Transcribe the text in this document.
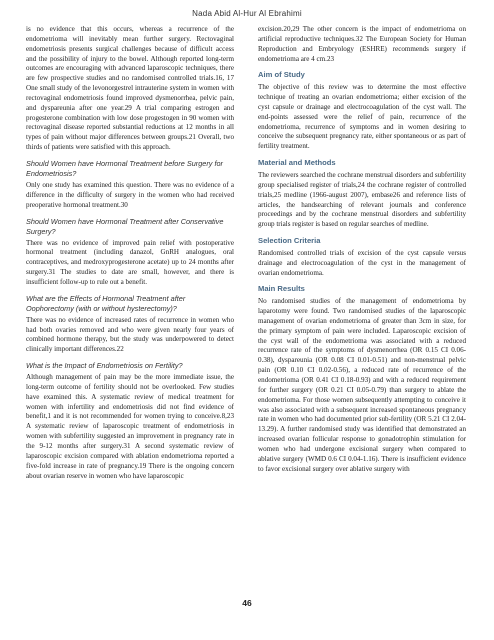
Nada Abid Al-Hur Al Ebrahimi

is no evidence that this occurs, whereas a recurrence of the endometrioma will inevitably mean further surgery. Rectovaginal endometriosis presents surgical challenges because of difficult access and the possibility of injury to the bowel. Although reported long-term outcomes are encouraging with advanced laparoscopic techniques, there are few prospective studies and no randomised controlled trials.16, 17 One small study of the levonorgestrel intrauterine system in women with rectovaginal endometriosis found improved dysmenorrhea, pelvic pain, and dyspareunia after one year.29 A trial comparing estrogen and progesterone combination with low dose progestogen in 90 women with rectovaginal disease reported substantial reductions at 12 months in all types of pain without major differences between groups.21 Overall, two thirds of patients were satisfied with this approach.

Should Women have Hormonal Treatment before Surgery for Endometriosis?

Only one study has examined this question. There was no evidence of a difference in the difficulty of surgery in the women who had received preoperative hormonal treatment.30

Should Women have Hormonal Treatment after Conservative Surgery?

There was no evidence of improved pain relief with postoperative hormonal treatment (including danazol, GnRH analogues, oral contraceptives, and medroxyprogesterone acetate) up to 24 months after surgery.31 The studies to date are small, however, and there is insufficient follow-up to rule out a benefit.

What are the Effects of Hormonal Treatment after Oophorectomy (with or without hysterectomy)?

There was no evidence of increased rates of recurrence in women who had both ovaries removed and who were given nearly four years of combined hormone therapy, but the study was underpowered to detect clinically important differences.22

What is the Impact of Endometriosis on Fertility?

Although management of pain may be the more immediate issue, the long-term outcome of fertility should not be overlooked. Few studies have examined this. A systematic review of medical treatment for women with infertility and endometriosis did not find evidence of benefit,1 and it is not recommended for women trying to conceive.8,23 A systematic review of laparoscopic treatment of endometriosis in women with subfertility suggested an improvement in pregnancy rate in the 9-12 months after surgery.31 A second systematic review of laparoscopic excision compared with ablation endometrioma reported a five-fold increase in rate of pregnancy.19 There is the ongoing concern about ovarian reserve in women who have laparoscopic

excision.20,29 The other concern is the impact of endometrioma on artificial reproductive techniques.32 The European Society for Human Reproduction and Embryology (ESHRE) recommends surgery if endometrioma are 4 cm.23

Aim of Study

The objective of this review was to determine the most effective technique of treating an ovarian endometrioma; either excision of the cyst capsule or drainage and electrocoagulation of the cyst wall. The end-points assessed were the relief of pain, recurrence of the endometrioma, recurrence of symptoms and in women desiring to conceive the subsequent pregnancy rate, either spontaneous or as part of fertility treatment.

Material and Methods

The reviewers searched the cochrane menstrual disorders and subfertility group specialised register of trials,24 the cochrane register of controlled trials,25 medline (1966-august 2007), embase26 and reference lists of articles, the handsearching of relevant journals and conference proceedings and by the cochrane menstrual disorders and subfertility group trials register is based on regular searches of medline.

Selection Criteria

Randomised controlled trials of excision of the cyst capsule versus drainage and electrocoagulation of the cyst in the management of ovarian endometrioma.

Main Results

No randomised studies of the management of endometrioma by laparotomy were found. Two randomised studies of the laparoscopic management of ovarian endometrioma of greater than 3cm in size, for the primary symptom of pain were included. Laparoscopic excision of the cyst wall of the endometrioma was associated with a reduced recurrence rate of the symptoms of dysmenorrhea (OR 0.15 CI 0.06-0.38), dyspareunia (OR 0.08 CI 0.01-0.51) and non-menstrual pelvic pain (OR 0.10 CI 0.02-0.56), a reduced rate of recurrence of the endometrioma (OR 0.41 CI 0.18-0.93) and with a reduced requirement for further surgery (OR 0.21 CI 0.05-0.79) than surgery to ablate the endometrioma. For those women subsequently attempting to conceive it was also associated with a subsequent increased spontaneous pregnancy rate in women who had documented prior sub-fertility (OR 5.21 CI 2.04-13.29). A further randomised study was identified that demonstrated an increased ovarian follicular response to gonadotrophin stimulation for women who had undergone excisional surgery when compared to ablative surgery (WMD 0.6 CI 0.04-1.16). There is insufficient evidence to favor excisional surgery over ablative surgery with

46
